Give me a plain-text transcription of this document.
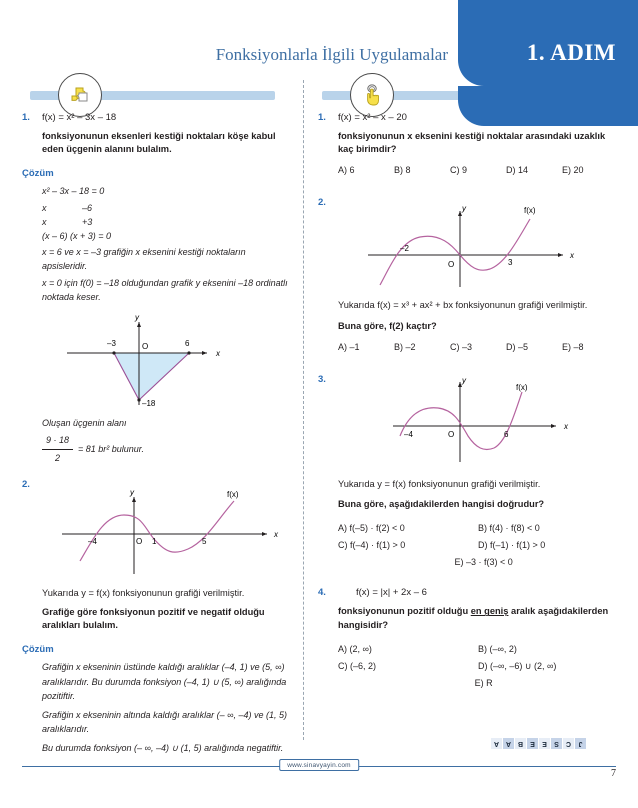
1. ADIM
Fonksiyonlarla İlgili Uygulamalar
1. f(x) = x² – 3x – 18
fonksiyonunun eksenleri kestiği noktaları köşe kabul eden üçgenin alanını bulalım.
Çözüm
x² – 3x – 18 = 0
x	–6
x	+3
(x – 6) (x + 3) = 0
x = 6 ve x = –3 grafiğin x eksenini kestiği noktaların apsisleridir.
x = 0 için f(0) = –18 olduğundan grafik y eksenini –18 ordinatlı noktada keser.
x
y
O
–3	6
–18
Oluşan üçgenin alanı
$\frac{9 \cdot 18}{2} = 81$ br² bulunur.
2.
x
y
O
–4	1	5
f(x)
Yukarıda y = f(x) fonksiyonunun grafiği verilmiştir.
Grafiğe göre fonksiyonun pozitif ve negatif olduğu aralıkları bulalım.
Çözüm
Grafiğin x ekseninin üstünde kaldığı aralıklar (–4, 1) ve (5, ∞) aralıklarıdır. Bu durumda fonksiyon (–4, 1) ∪ (5, ∞) aralığında pozitiftir.
Grafiğin x ekseninin altında kaldığı aralıklar (– ∞, –4) ve (1, 5) aralıklarıdır.
Bu durumda fonksiyon (– ∞, –4) ∪ (1, 5) aralığında negatiftir.
1. f(x) = x² – x – 20
fonksiyonunun x eksenini kestiği noktalar arasındaki uzaklık kaç birimdir?
A) 6	B) 8	C) 9	D) 14	E) 20
2.
x
y
O
–2
3
f(x)
Yukarıda f(x) = x³ + ax² + bx fonksiyonunun grafiği verilmiştir.
Buna göre, f(2) kaçtır?
A) –1	B) –2	C) –3	D) –5	E) –8
3.
x
y
O
–4	6
f(x)
Yukarıda y = f(x) fonksiyonunun grafiği verilmiştir.
Buna göre, aşağıdakilerden hangisi doğrudur?
A) f(–5) · f(2) < 0	B) f(4) · f(8) < 0
C) f(–4) · f(1) > 0	D) f(–1) · f(1) > 0
E) –3 · f(3) < 0
4.	f(x) = |x| + 2x – 6
fonksiyonunun pozitif olduğu en geniş aralık aşağıdakilerden hangisidir?
A) (2, ∞)	B) (–∞, 2)
C) (–6, 2)	D) (–∞, –6) ∪ (2, ∞)
E) R
A A B	E	E	S	C	J
www.sinavyayin.com
7
